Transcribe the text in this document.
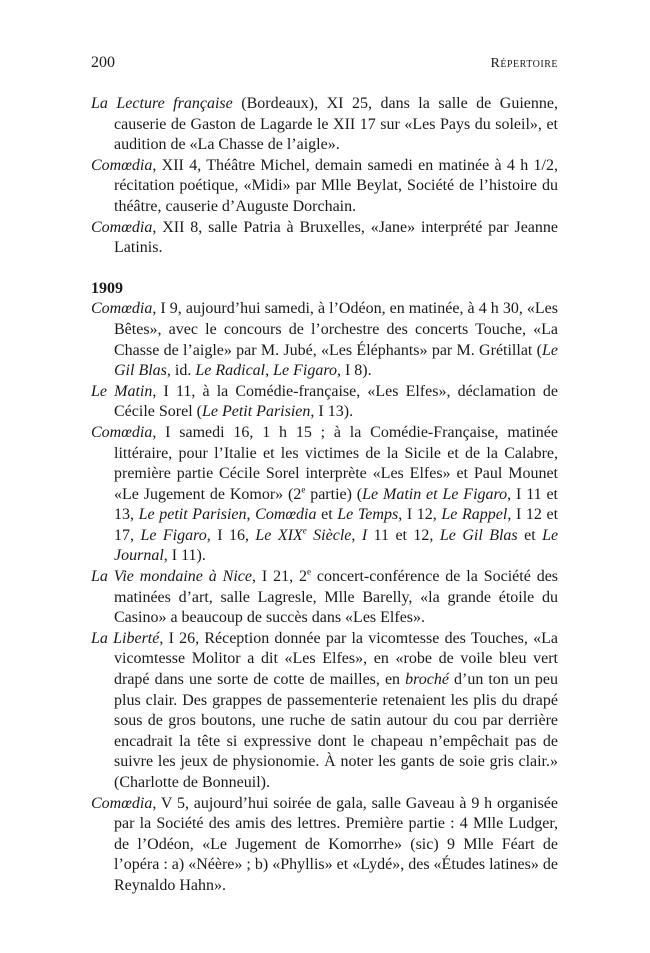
200	Répertoire

La Lecture française (Bordeaux), XI 25, dans la salle de Guienne, causerie de Gaston de Lagarde le XII 17 sur «Les Pays du soleil», et audition de «La Chasse de l’aigle».

Comœdia, XII 4, Théâtre Michel, demain samedi en matinée à 4 h 1/2, récitation poétique, «Midi» par Mlle Beylat, Société de l’histoire du théâtre, causerie d’Auguste Dorchain.

Comœdia, XII 8, salle Patria à Bruxelles, «Jane» interprété par Jeanne Latinis.

1909

Comœdia, I 9, aujourd’hui samedi, à l’Odéon, en matinée, à 4 h 30, «Les Bêtes», avec le concours de l’orchestre des concerts Touche, «La Chasse de l’aigle» par M. Jubé, «Les Éléphants» par M. Grétillat (Le Gil Blas, id. Le Radical, Le Figaro, I 8).

Le Matin, I 11, à la Comédie-française, «Les Elfes», déclamation de Cécile Sorel (Le Petit Parisien, I 13).

Comœdia, I samedi 16, 1 h 15 ; à la Comédie-Française, matinée littéraire, pour l’Italie et les victimes de la Sicile et de la Calabre, première partie Cécile Sorel interprète «Les Elfes» et Paul Mounet «Le Jugement de Komor» (2e partie) (Le Matin et Le Figaro, I 11 et 13, Le petit Parisien, Comœdia et Le Temps, I 12, Le Rappel, I 12 et 17, Le Figaro, I 16, Le XIXe Siècle, I 11 et 12, Le Gil Blas et Le Journal, I 11).

La Vie mondaine à Nice, I 21, 2e concert-conférence de la Société des matinées d’art, salle Lagresle, Mlle Barelly, «la grande étoile du Casino» a beaucoup de succès dans «Les Elfes».

La Liberté, I 26, Réception donnée par la vicomtesse des Touches, «La vicomtesse Molitor a dit «Les Elfes», en «robe de voile bleu vert drapé dans une sorte de cotte de mailles, en broché d’un ton un peu plus clair. Des grappes de passementerie retenaient les plis du drapé sous de gros boutons, une ruche de satin autour du cou par derrière encadrait la tête si expressive dont le chapeau n’empêchait pas de suivre les jeux de physionomie. À noter les gants de soie gris clair.» (Charlotte de Bonneuil).

Comœdia, V 5, aujourd’hui soirée de gala, salle Gaveau à 9 h organisée par la Société des amis des lettres. Première partie : 4 Mlle Ludger, de l’Odéon, «Le Jugement de Komorrhe» (sic) 9 Mlle Féart de l’opéra : a) «Néère» ; b) «Phyllis» et «Lydé», des «Études latines» de Reynaldo Hahn».
